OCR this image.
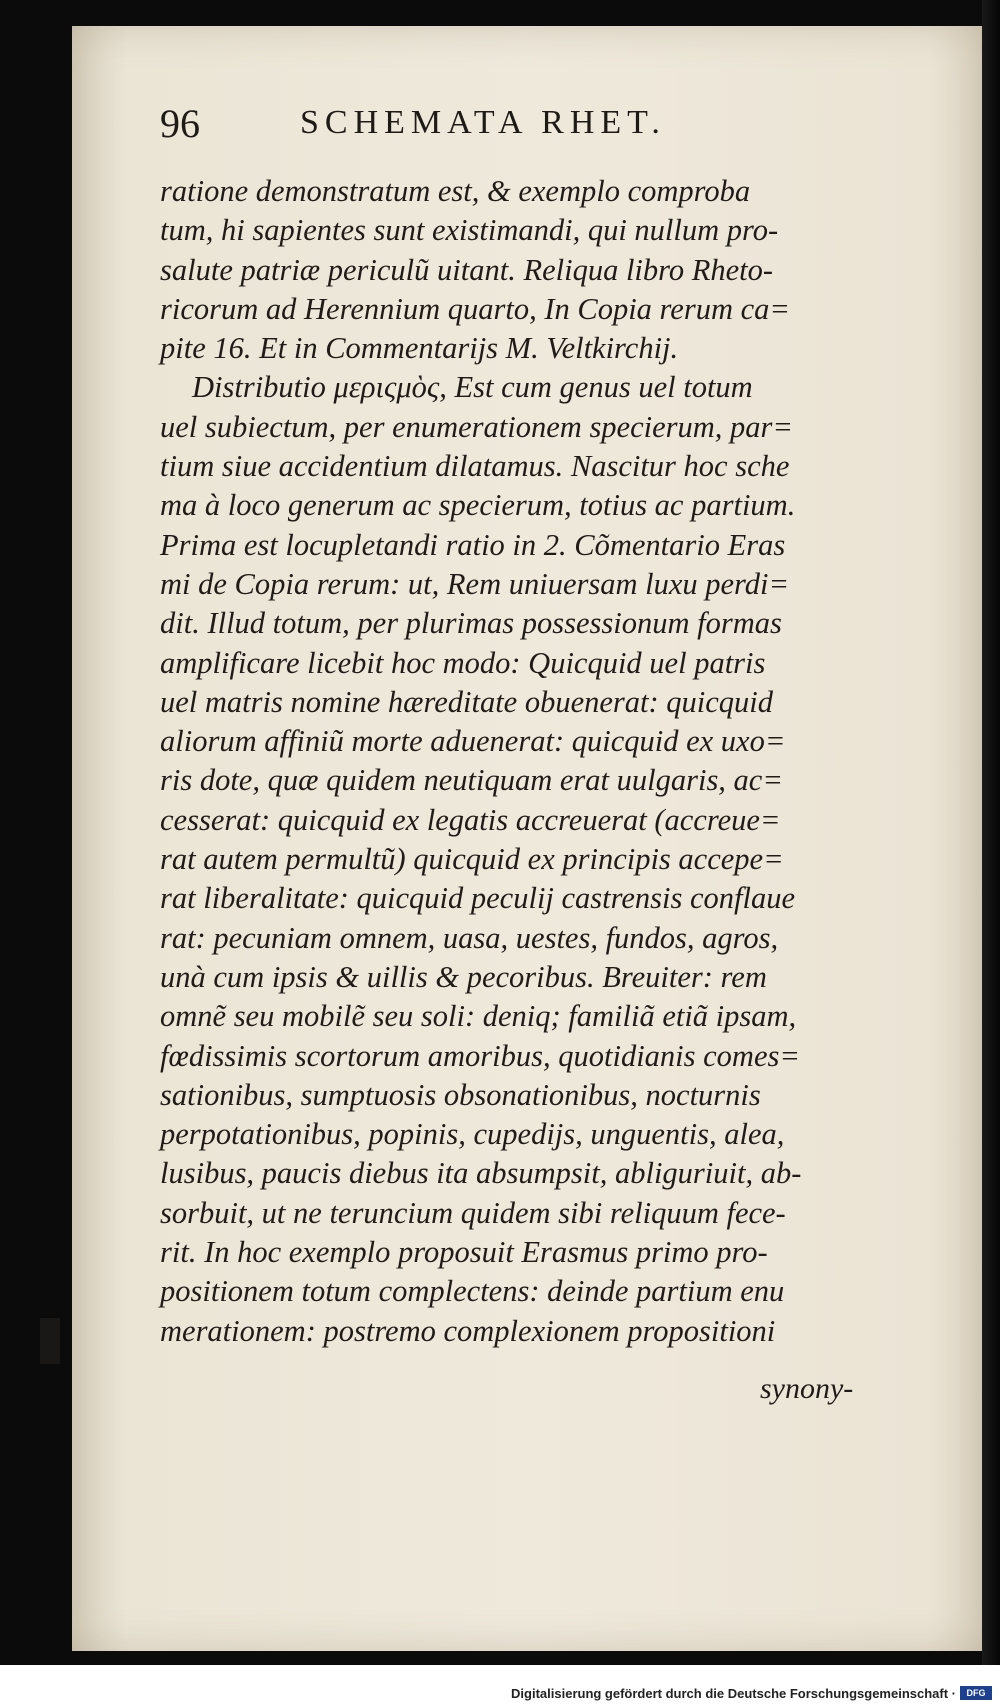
96	SCHEMATA RHET.
ratione demonstratum est, & exemplo comproba
tum, hi sapientes sunt existimandi, qui nullum pro-
salute patriæ periculũ uitant. Reliqua libro Rheto-
ricorum ad Herennium quarto, In Copia rerum ca=
pite 16. Et in Commentarijs M. Veltkirchij.
Distributio μεριςμὸς, Est cum genus uel totum
uel subiectum, per enumerationem specierum, par=
tium siue accidentium dilatamus. Nascitur hoc sche
ma à loco generum ac specierum, totius ac partium.
Prima est locupletandi ratio in 2. Cõmentario Eras
mi de Copia rerum: ut, Rem uniuersam luxu perdi=
dit. Illud totum, per plurimas possessionum formas
amplificare licebit hoc modo: Quicquid uel patris
uel matris nomine hæreditate obuenerat: quicquid
aliorum affiniũ morte aduenerat: quicquid ex uxo=
ris dote, quæ quidem neutiquam erat uulgaris, ac=
cesserat: quicquid ex legatis accreuerat (accreue=
rat autem permultũ) quicquid ex principis accepe=
rat liberalitate: quicquid peculij castrensis conflaue
rat: pecuniam omnem, uasa, uestes, fundos, agros,
unà cum ipsis & uillis & pecoribus. Breuiter: rem
omnẽ seu mobilẽ seu soli: deniq; familiã etiã ipsam,
fœdissimis scortorum amoribus, quotidianis comes=
sationibus, sumptuosis obsonationibus, nocturnis
perpotationibus, popinis, cupedijs, unguentis, alea,
lusibus, paucis diebus ita absumpsit, abliguriuit, ab-
sorbuit, ut ne teruncium quidem sibi reliquum fece-
rit. In hoc exemplo proposuit Erasmus primo pro-
positionem totum complectens: deinde partium enu
merationem: postremo complexionem propositioni
synony-
Digitalisierung gefördert durch die Deutsche Forschungsgemeinschaft ·	DFG
